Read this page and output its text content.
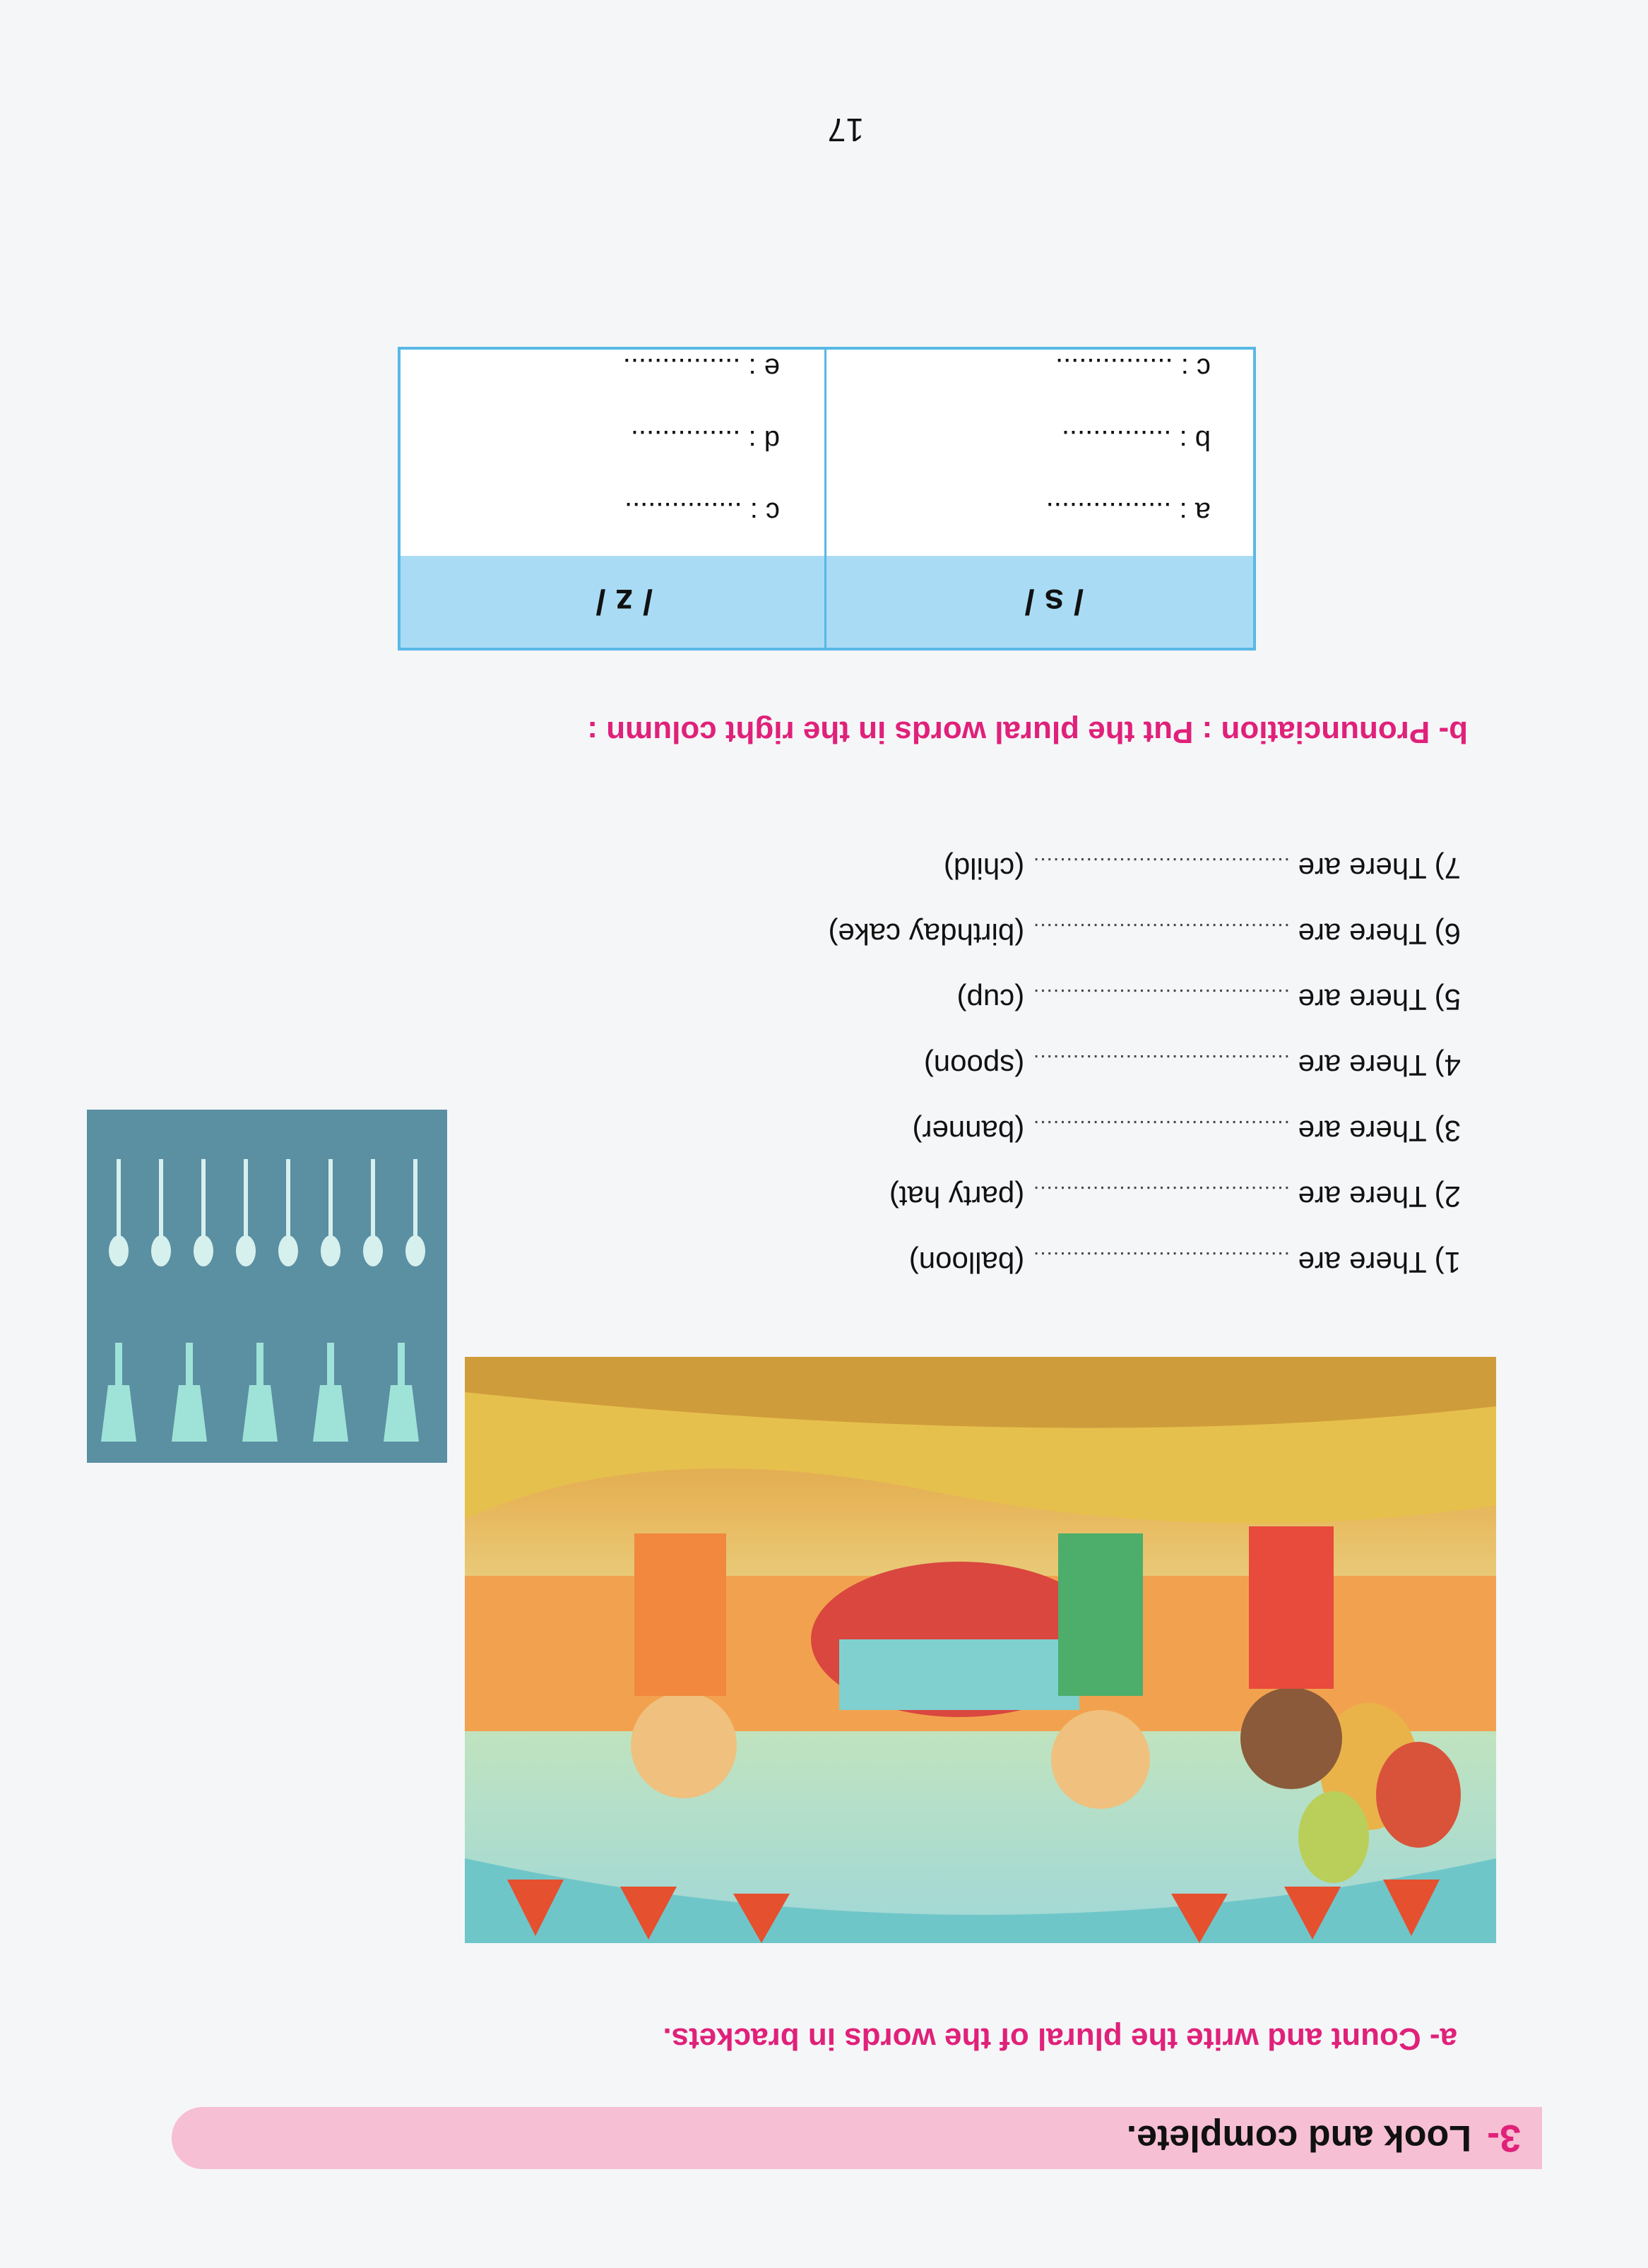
3-
Look and complete.
a- Count and write the plural of the words in brackets.
1) There are

.......................................

(balloon)
2) There are

.......................................

(party hat)
3) There are

.......................................

(banner)
4) There are

.......................................

(spoon)
5) There are

.......................................

(cup)
6) There are

.......................................

(birthday cake)
7) There are

.......................................

(child)
b- Pronunciation : Put the plural words in the right column :
/ s /
/ z /
a : ................
b : ..............
c : ...............
c : ...............
d : ..............
e : ...............
17
